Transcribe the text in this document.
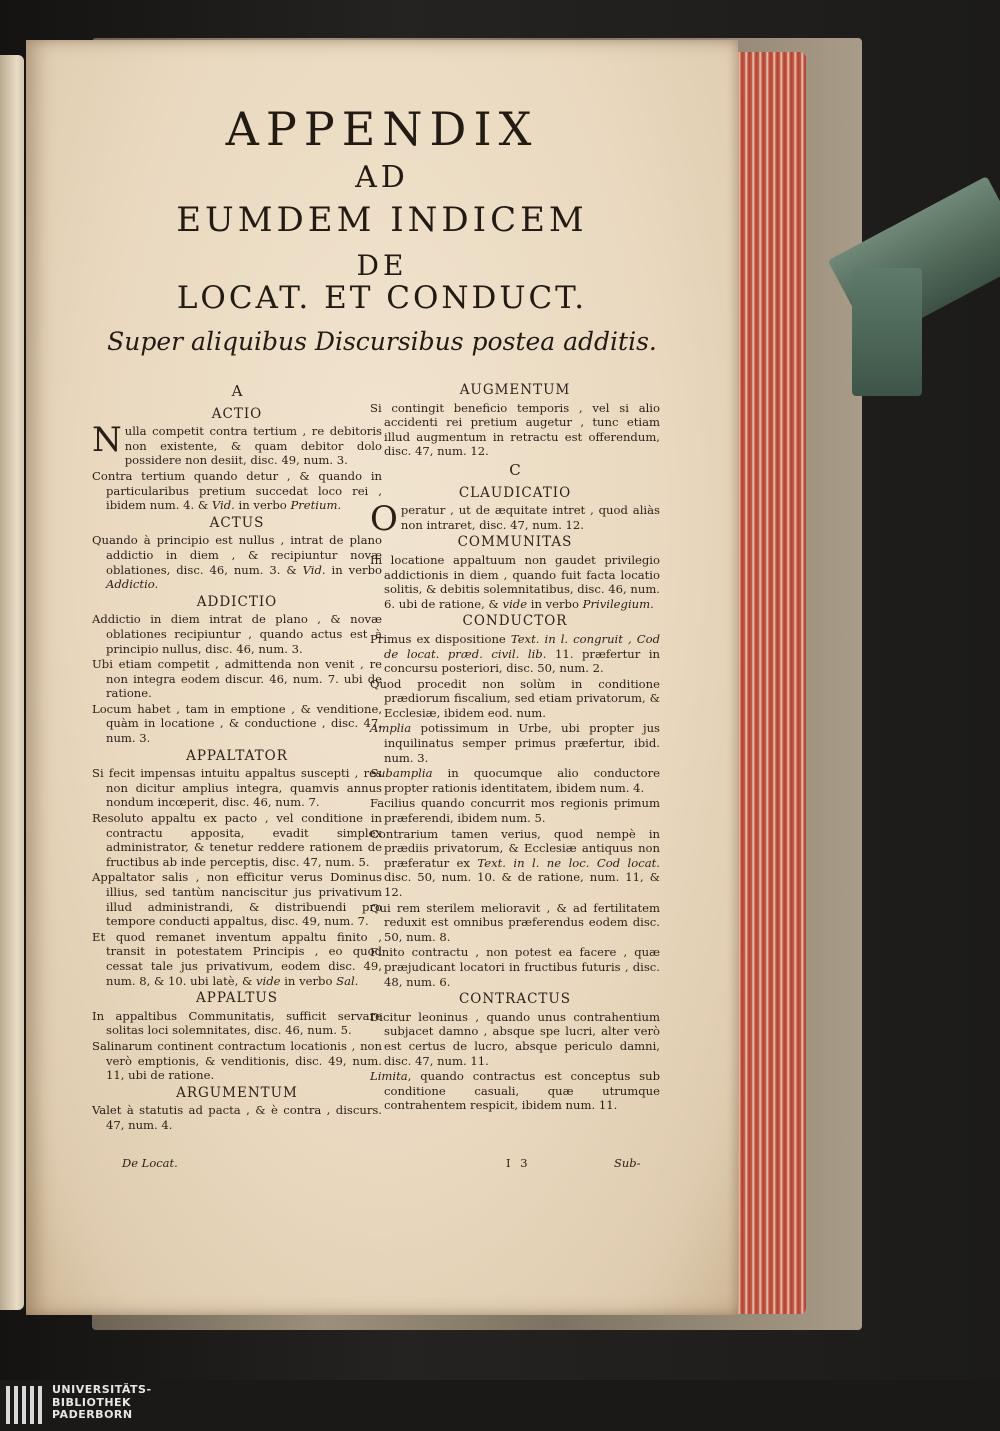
APPENDIX
AD
EUMDEM INDICEM
DE
LOCAT. ET CONDUCT.
Super aliquibus Discursibus postea additis.
A
ACTIO

Nulla competit contra tertium , re debitoris non existente, & quam debitor dolo possidere non desiit, disc. 49, num. 3.

Contra tertium quando detur , & quando in particularibus pretium succedat loco rei , ibidem num. 4. & Vid. in verbo Pretium.

ACTUS

Quando à principio est nullus , intrat de plano addictio in diem , & recipiuntur novæ oblationes, disc. 46, num. 3. & Vid. in verbo Addictio.

ADDICTIO

Addictio in diem intrat de plano , & novæ oblationes recipiuntur , quando actus est à principio nullus, disc. 46, num. 3.

Ubi etiam competit , admittenda non venit , re non integra eodem discur. 46, num. 7. ubi de ratione.

Locum habet , tam in emptione , & venditione, quàm in locatione , & conductione , disc. 47, num. 3.

APPALTATOR

Si fecit impensas intuitu appaltus suscepti , res non dicitur amplius integra, quamvis annus nondum incœperit, disc. 46, num. 7.

Resoluto appaltu ex pacto , vel conditione in contractu apposita, evadit simplex administrator, & tenetur reddere rationem de fructibus ab inde perceptis, disc. 47, num. 5.

Appaltator salis , non efficitur verus Dominus illius, sed tantùm nanciscitur jus privativum illud administrandi, & distribuendi pro tempore conducti appaltus, disc. 49, num. 7.

Et quod remanet inventum appaltu finito , transit in potestatem Principis , eo quod cessat tale jus privativum, eodem disc. 49, num. 8, & 10. ubi latè, & vide in verbo Sal.

APPALTUS

In appaltibus Communitatis, sufficit servare solitas loci solemnitates, disc. 46, num. 5.

Salinarum continent contractum locationis , non verò emptionis, & venditionis, disc. 49, num. 11, ubi de ratione.

ARGUMENTUM

Valet à statutis ad pacta , & è contra , discurs. 47, num. 4.

AUGMENTUM

Si contingit beneficio temporis , vel si alio accidenti rei pretium augetur , tunc etiam illud augmentum in retractu est offerendum, disc. 47, num. 12.

C
CLAUDICATIO

Operatur , ut de æquitate intret , quod aliàs non intraret, disc. 47, num. 12.

COMMUNITAS

In locatione appaltuum non gaudet privilegio addictionis in diem , quando fuit facta locatio solitis, & debitis solemnitatibus, disc. 46, num. 6. ubi de ratione, & vide in verbo Privilegium.

CONDUCTOR

Primus ex dispositione Text. in l. congruit , Cod de locat. præd. civil. lib. 11. præfertur in concursu posteriori, disc. 50, num. 2.

Quod procedit non solùm in conditione prædiorum fiscalium, sed etiam privatorum, & Ecclesiæ, ibidem eod. num.

Amplia potissimum in Urbe, ubi propter jus inquilinatus semper primus præfertur, ibid. num. 3.

Subamplia in quocumque alio conductore propter rationis identitatem, ibidem num. 4.

Facilius quando concurrit mos regionis primum præferendi, ibidem num. 5.

Contrarium tamen verius, quod nempè in prædiis privatorum, & Ecclesiæ antiquus non præferatur ex Text. in l. ne loc. Cod locat. disc. 50, num. 10. & de ratione, num. 11, & 12.

Qui rem sterilem melioravit , & ad fertilitatem reduxit est omnibus præferendus eodem disc. 50, num. 8.

Finito contractu , non potest ea facere , quæ præjudicant locatori in fructibus futuris , disc. 48, num. 6.

CONTRACTUS

Dicitur leoninus , quando unus contrahentium subjacet damno , absque spe lucri, alter verò est certus de lucro, absque periculo damni, disc. 47, num. 11.

Limita, quando contractus est conceptus sub conditione casuali, quæ utrumque contrahentem respicit, ibidem num. 11.

De Locat.	I 3	Sub-
UNIVERSITÄTS-
BIBLIOTHEK
PADERBORN
